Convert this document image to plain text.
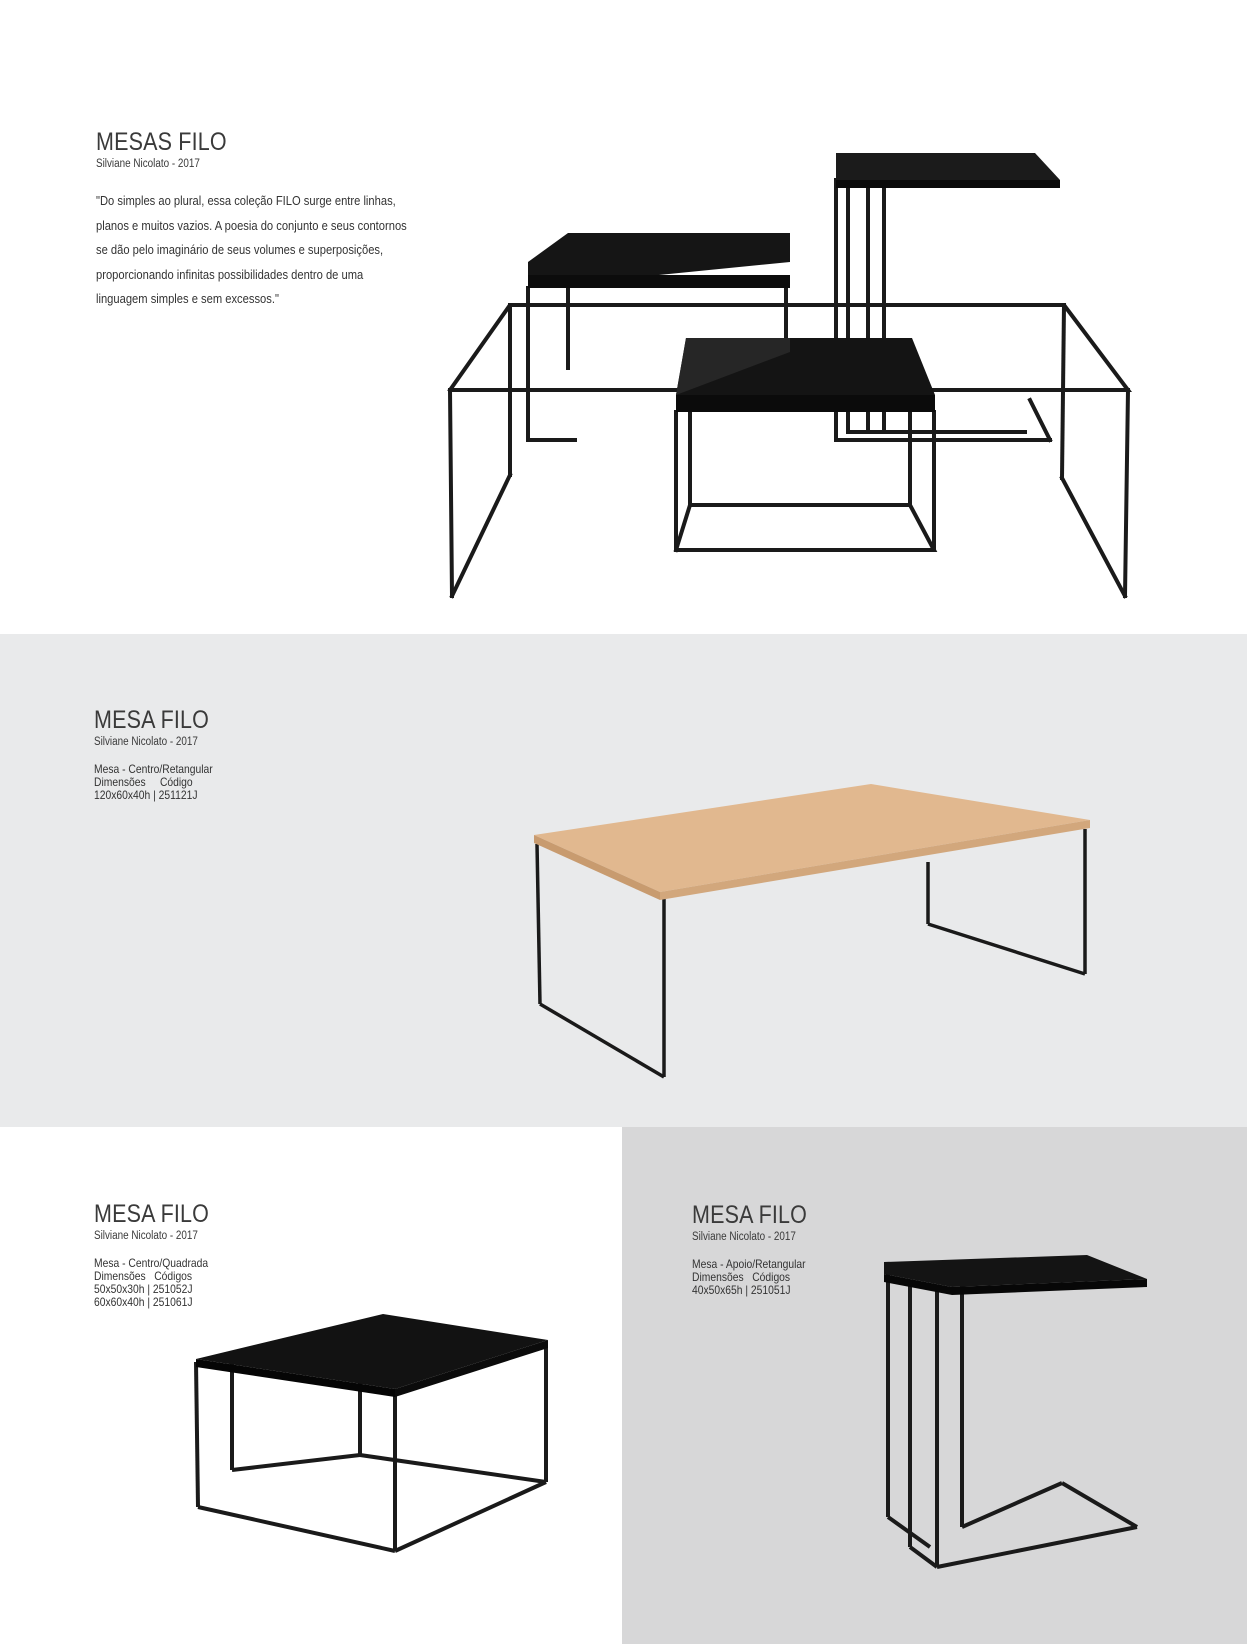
MESAS FILO
Silviane Nicolato - 2017
"Do simples ao plural, essa coleção FILO surge entre linhas, planos e muitos vazios. A poesia do conjunto e seus contornos se dão pelo imaginário de seus volumes e superposições, proporcionando infinitas possibilidades dentro de uma linguagem simples e sem excessos."
MESA FILO
Silviane Nicolato - 2017
Mesa - Centro/Retangular
Dimensões     Código
120x60x40h | 251121J
MESA FILO
Silviane Nicolato - 2017
Mesa - Centro/Quadrada
Dimensões   Códigos
50x50x30h | 251052J
60x60x40h | 251061J
MESA FILO
Silviane Nicolato - 2017
Mesa - Apoio/Retangular
Dimensões   Códigos
40x50x65h | 251051J
